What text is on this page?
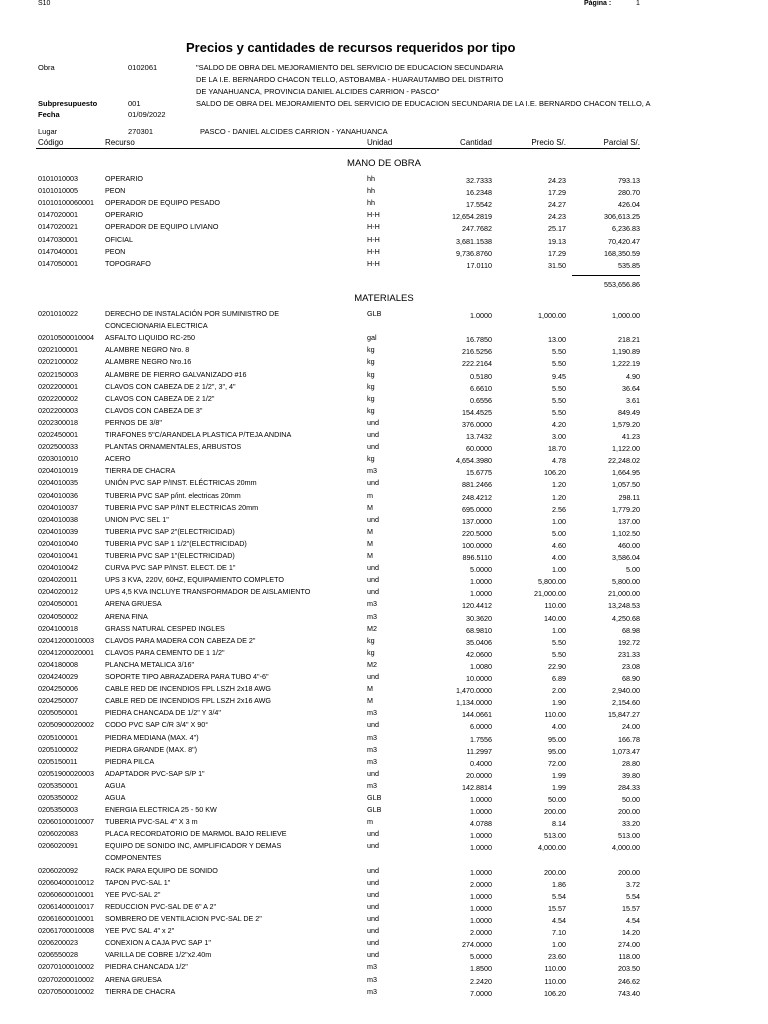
S10	Página :	1
Precios y cantidades de recursos requeridos por tipo
Obra	0102061	"SALDO DE OBRA DEL MEJORAMIENTO DEL SERVICIO DE EDUCACION SECUNDARIA
DE LA I.E. BERNARDO CHACON TELLO, ASTOBAMBA - HUARAUTAMBO DEL DISTRITO
DE YANAHUANCA, PROVINCIA DANIEL ALCIDES CARRION - PASCO"
Subpresupuesto	001	SALDO DE OBRA DEL MEJORAMIENTO DEL SERVICIO DE EDUCACION SECUNDARIA DE LA I.E. BERNARDO CHACON TELLO, A
Fecha	01/09/2022
Lugar	270301	PASCO - DANIEL ALCIDES CARRION - YANAHUANCA
Código	Recurso	Unidad	Cantidad	Precio S/.	Parcial S/.
MANO DE OBRA
0101010003	OPERARIO	hh	32.7333	24.23	793.13
0101010005	PEON	hh	16.2348	17.29	280.70
01010100060001 OPERADOR DE EQUIPO PESADO	hh	17.5542	24.27	426.04
0147020001	OPERARIO	H-H	12,654.2819	24.23	306,613.25
0147020021	OPERADOR DE EQUIPO LIVIANO	H-H	247.7682	25.17	6,236.83
0147030001	OFICIAL	H-H	3,681.1538	19.13	70,420.47
0147040001	PEON	H-H	9,736.8760	17.29	168,350.59
0147050001	TOPOGRAFO	H-H	17.0110	31.50	535.85
553,656.86
MATERIALES
0201010022	DERECHO DE INSTALACIÓN POR SUMINISTRO DE	GLB	1.0000	1,000.00	1,000.00
CONCECIONARIA ELECTRICA
02010500010004 ASFALTO LIQUIDO RC-250	gal	16.7850	13.00	218.21
0202100001	ALAMBRE NEGRO Nro. 8	kg	216.5256	5.50	1,190.89
0202100002	ALAMBRE NEGRO Nro.16	kg	222.2164	5.50	1,222.19
0202150003	ALAMBRE DE FIERRO GALVANIZADO #16	kg	0.5180	9.45	4.90
0202200001	CLAVOS CON CABEZA DE 2 1/2", 3", 4"	kg	6.6610	5.50	36.64
0202200002	CLAVOS CON CABEZA DE 2 1/2"	kg	0.6556	5.50	3.61
0202200003	CLAVOS CON CABEZA DE 3"	kg	154.4525	5.50	849.49
0202300018	PERNOS DE 3/8"	und	376.0000	4.20	1,579.20
0202450001	TIRAFONES 5"C/ARANDELA PLASTICA P/TEJA ANDINA	und	13.7432	3.00	41.23
0202500033	PLANTAS ORNAMENTALES, ARBUSTOS	und	60.0000	18.70	1,122.00
0203010010	ACERO	kg	4,654.3980	4.78	22,248.02
0204010019	TIERRA DE CHACRA	m3	15.6775	106.20	1,664.95
0204010035	UNIÓN PVC SAP P/INST. ELÉCTRICAS 20mm	und	881.2466	1.20	1,057.50
0204010036	TUBERIA PVC SAP p/int. electricas 20mm	m	248.4212	1.20	298.11
0204010037	TUBERIA PVC SAP P/INT ELECTRICAS 20mm	M	695.0000	2.56	1,779.20
0204010038	UNION PVC SEL 1"	und	137.0000	1.00	137.00
0204010039	TUBERIA PVC SAP 2"(ELECTRICIDAD)	M	220.5000	5.00	1,102.50
0204010040	TUBERIA PVC SAP 1 1/2"(ELECTRICIDAD)	M	100.0000	4.60	460.00
0204010041	TUBERIA PVC SAP 1"(ELECTRICIDAD)	M	896.5110	4.00	3,586.04
0204010042	CURVA PVC SAP P/INST. ELECT. DE 1"	und	5.0000	1.00	5.00
0204020011	UPS 3 KVA, 220V, 60HZ, EQUIPAMIENTO COMPLETO	und	1.0000	5,800.00	5,800.00
0204020012	UPS 4,5 KVA INCLUYE TRANSFORMADOR DE AISLAMIENTO	und	1.0000	21,000.00	21,000.00
0204050001	ARENA GRUESA	m3	120.4412	110.00	13,248.53
0204050002	ARENA FINA	m3	30.3620	140.00	4,250.68
0204100018	GRASS NATURAL CESPED INGLES	M2	68.9810	1.00	68.98
02041200010003 CLAVOS PARA MADERA CON CABEZA DE 2"	kg	35.0406	5.50	192.72
02041200020001 CLAVOS PARA CEMENTO DE 1 1/2"	kg	42.0600	5.50	231.33
0204180008	PLANCHA METALICA 3/16"	M2	1.0080	22.90	23.08
0204240029	SOPORTE TIPO ABRAZADERA PARA TUBO 4"-6"	und	10.0000	6.89	68.90
0204250006	CABLE RED DE INCENDIOS FPL LSZH 2x18 AWG	M	1,470.0000	2.00	2,940.00
0204250007	CABLE RED DE INCENDIOS FPL LSZH 2x16 AWG	M	1,134.0000	1.90	2,154.60
0205050001	PIEDRA CHANCADA DE 1/2" Y 3/4"	m3	144.0661	110.00	15,847.27
02050900020002 CODO PVC SAP C/R 3/4" X 90°	und	6.0000	4.00	24.00
0205100001	PIEDRA MEDIANA (MAX. 4")	m3	1.7556	95.00	166.78
0205100002	PIEDRA GRANDE (MAX. 8")	m3	11.2997	95.00	1,073.47
0205150011	PIEDRA PILCA	m3	0.4000	72.00	28.80
02051900020003 ADAPTADOR PVC-SAP S/P 1"	und	20.0000	1.99	39.80
0205350001	AGUA	m3	142.8814	1.99	284.33
0205350002	AGUA	GLB	1.0000	50.00	50.00
0205350003	ENERGIA ELECTRICA 25 - 50 KW	GLB	1.0000	200.00	200.00
02060100010007 TUBERIA PVC-SAL 4" X 3 m	m	4.0788	8.14	33.20
0206020083	PLACA RECORDATORIO DE MARMOL BAJO RELIEVE	und	1.0000	513.00	513.00
0206020091	EQUIPO DE SONIDO INC, AMPLIFICADOR Y DEMAS	und	1.0000	4,000.00	4,000.00
COMPONENTES
0206020092	RACK PARA EQUIPO DE SONIDO	und	1.0000	200.00	200.00
02060400010012 TAPON PVC-SAL 1"	und	2.0000	1.86	3.72
02060600010001 YEE PVC-SAL 2"	und	1.0000	5.54	5.54
02061400010017 REDUCCION PVC-SAL DE 6" A 2"	und	1.0000	15.57	15.57
02061600010001 SOMBRERO DE VENTILACION PVC-SAL DE 2"	und	1.0000	4.54	4.54
02061700010008 YEE PVC SAL 4" x 2"	und	2.0000	7.10	14.20
0206200023	CONEXION A CAJA PVC SAP 1"	und	274.0000	1.00	274.00
0206550028	VARILLA DE COBRE 1/2"x2.40m	und	5.0000	23.60	118.00
02070100010002 PIEDRA CHANCADA 1/2"	m3	1.8500	110.00	203.50
02070200010002 ARENA GRUESA	m3	2.2420	110.00	246.62
02070500010002 TIERRA DE CHACRA	m3	7.0000	106.20	743.40
